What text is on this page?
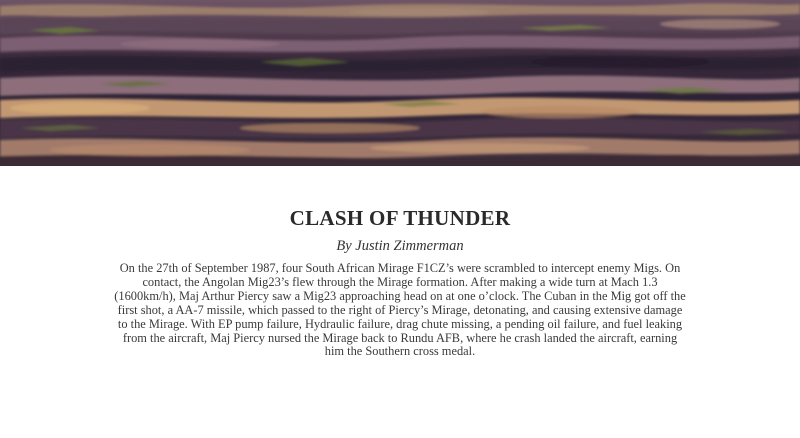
CLASH OF THUNDER
By Justin Zimmerman
On the 27th of September 1987, four South African Mirage F1CZ’s were scrambled to intercept enemy Migs. On contact, the Angolan Mig23’s flew through the Mirage formation. After making a wide turn at Mach 1.3 (1600km/h), Maj Arthur Piercy saw a Mig23 approaching head on at one o’clock. The Cuban in the Mig got off the first shot, a AA-7 missile, which passed to the right of Piercy’s Mirage, detonating, and causing extensive damage to the Mirage. With EP pump failure, Hydraulic failure, drag chute missing, a pending oil failure, and fuel leaking from the aircraft, Maj Piercy nursed the Mirage back to Rundu AFB, where he crash landed the aircraft, earning him the Southern cross medal.
